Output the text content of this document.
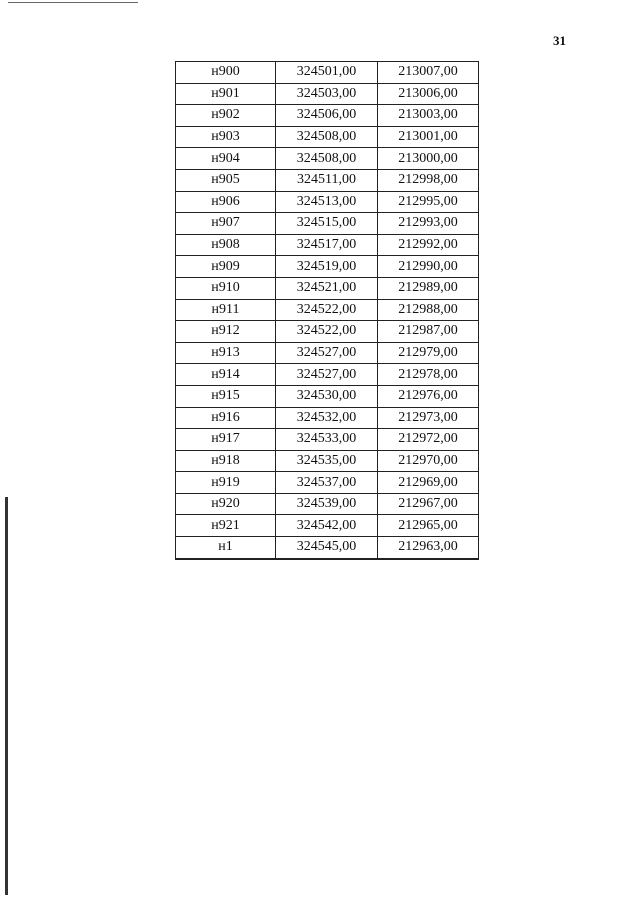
31
н900	324501,00	213007,00
н901	324503,00	213006,00
н902	324506,00	213003,00
н903	324508,00	213001,00
н904	324508,00	213000,00
н905	324511,00	212998,00
н906	324513,00	212995,00
н907	324515,00	212993,00
н908	324517,00	212992,00
н909	324519,00	212990,00
н910	324521,00	212989,00
н911	324522,00	212988,00
н912	324522,00	212987,00
н913	324527,00	212979,00
н914	324527,00	212978,00
н915	324530,00	212976,00
н916	324532,00	212973,00
н917	324533,00	212972,00
н918	324535,00	212970,00
н919	324537,00	212969,00
н920	324539,00	212967,00
н921	324542,00	212965,00
н1	324545,00	212963,00
